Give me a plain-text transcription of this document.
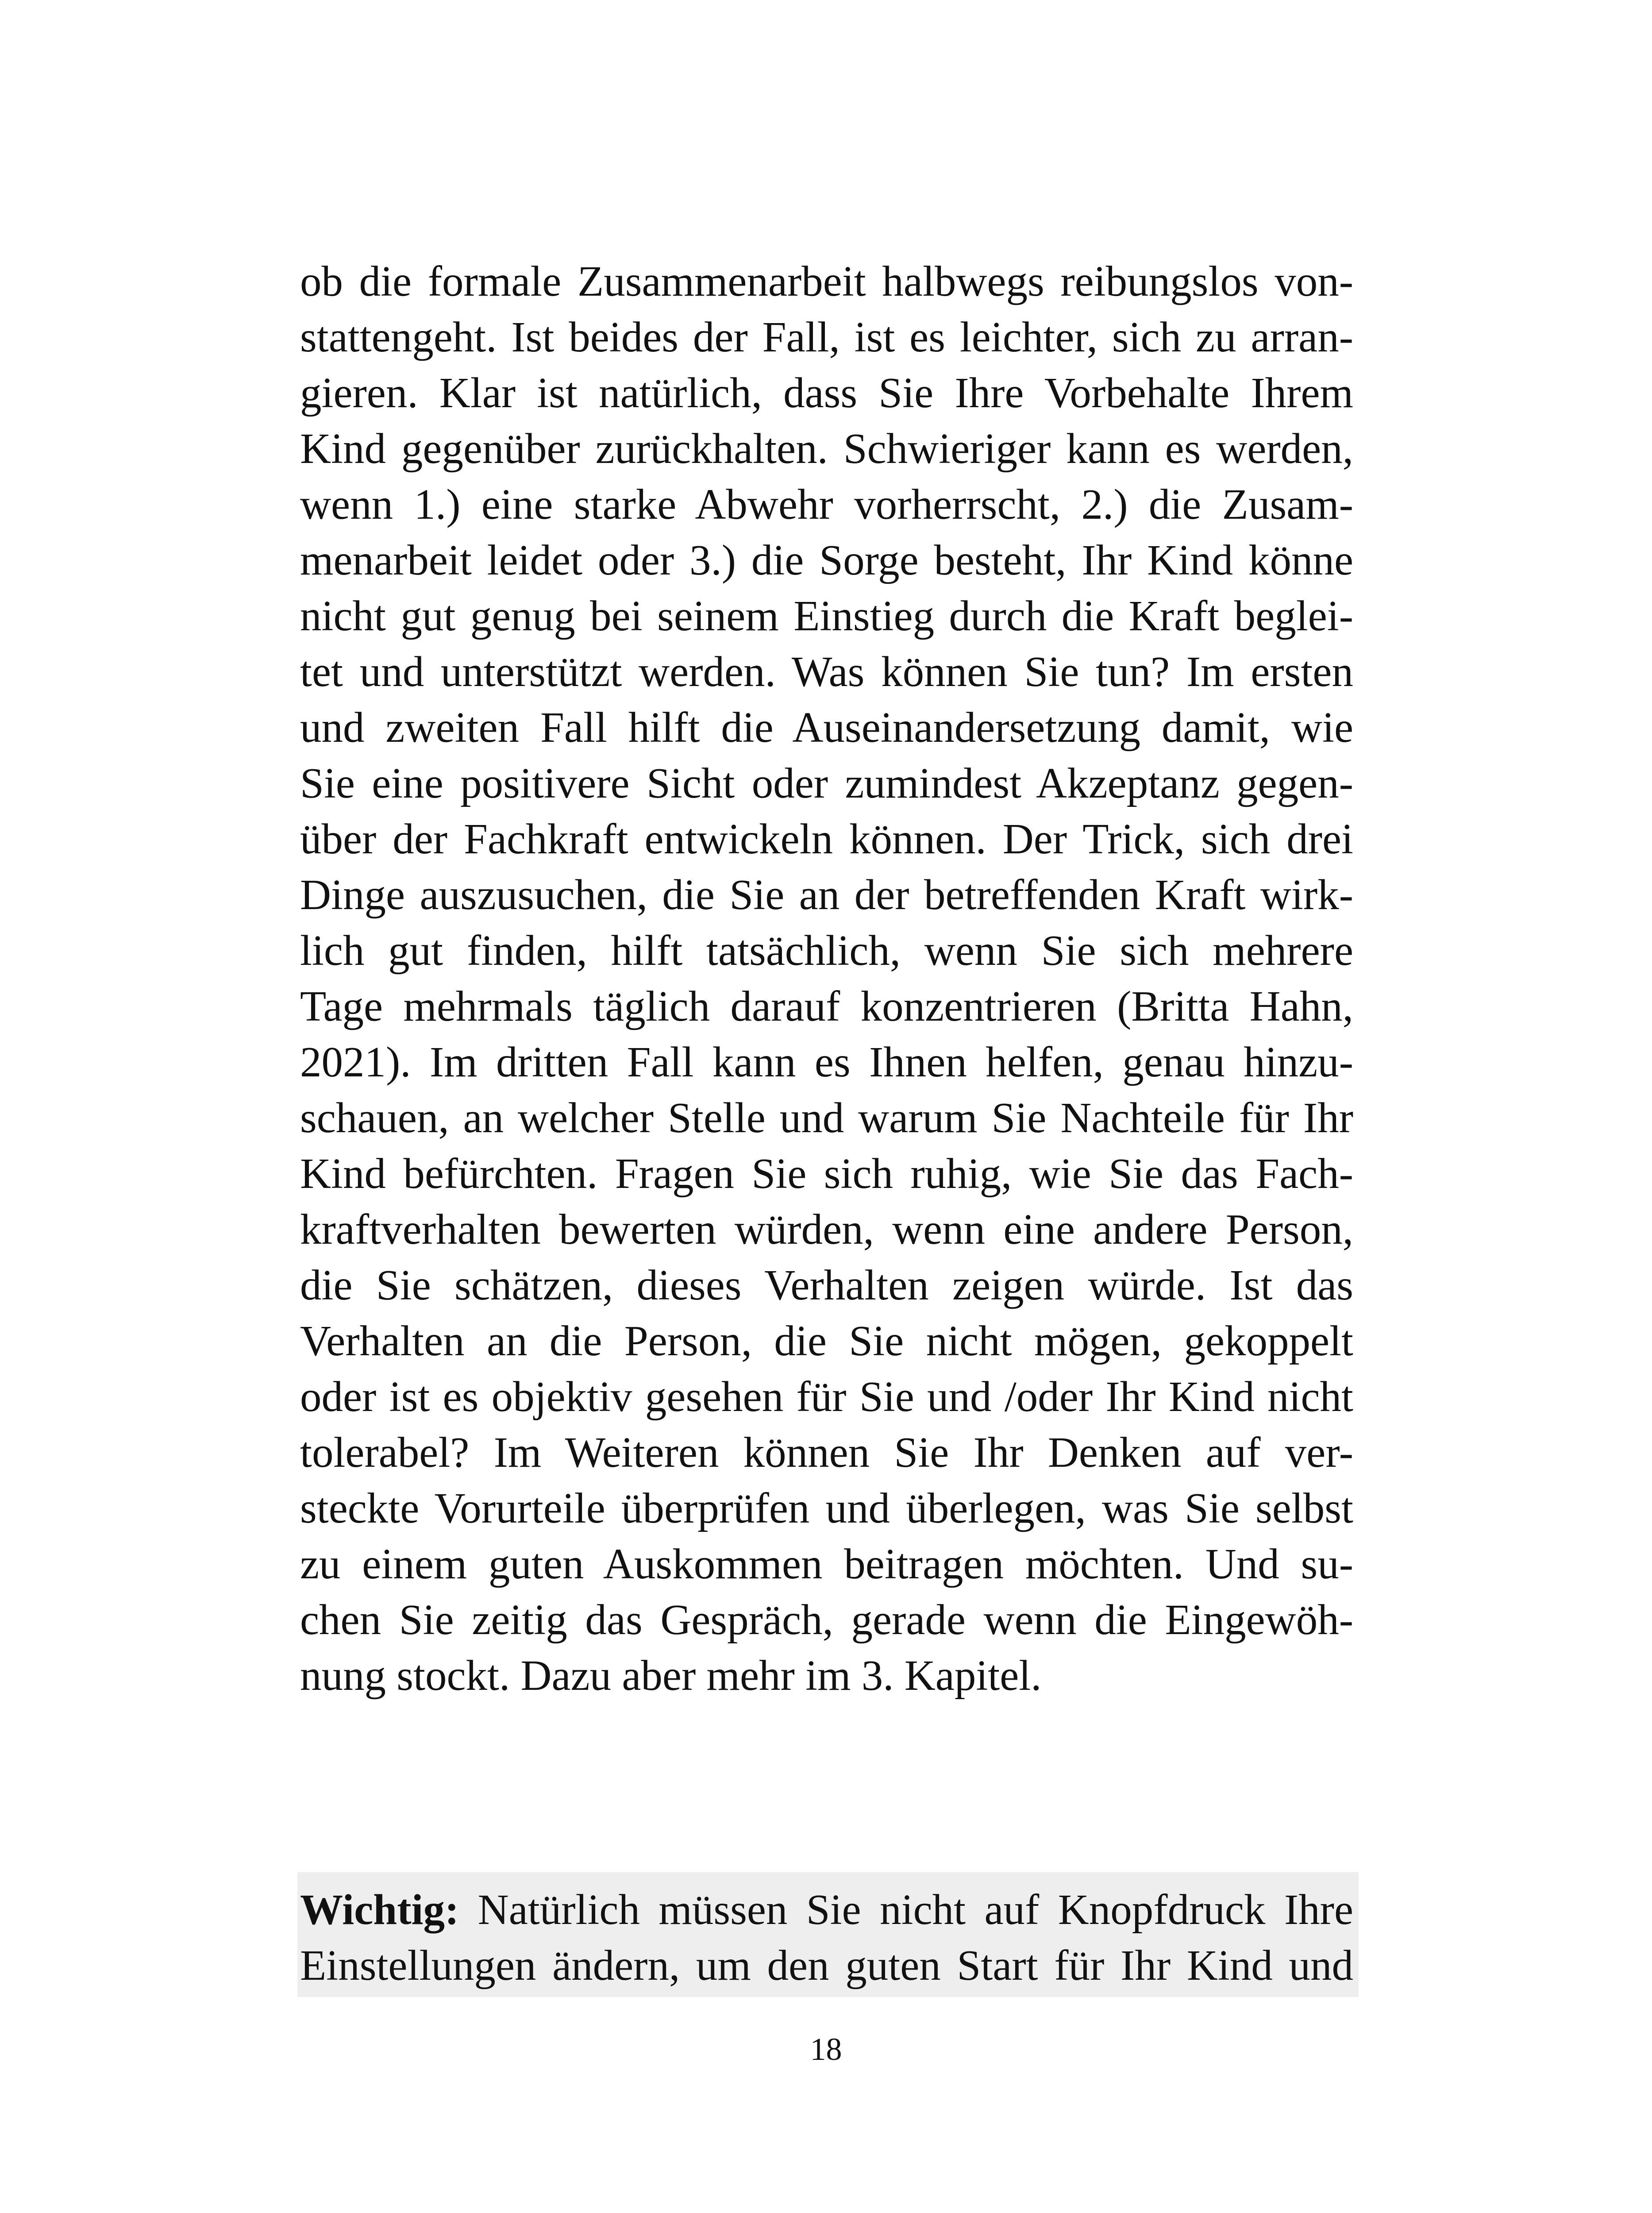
ob die formale Zusammenarbeit halbwegs reibungslos von-
stattengeht. Ist beides der Fall, ist es leichter, sich zu arran-
gieren. Klar ist natürlich, dass Sie Ihre Vorbehalte Ihrem
Kind gegenüber zurückhalten. Schwieriger kann es werden,
wenn 1.) eine starke Abwehr vorherrscht, 2.) die Zusam-
menarbeit leidet oder 3.) die Sorge besteht, Ihr Kind könne
nicht gut genug bei seinem Einstieg durch die Kraft beglei-
tet und unterstützt werden. Was können Sie tun? Im ersten
und zweiten Fall hilft die Auseinandersetzung damit, wie
Sie eine positivere Sicht oder zumindest Akzeptanz gegen-
über der Fachkraft entwickeln können. Der Trick, sich drei
Dinge auszusuchen, die Sie an der betreffenden Kraft wirk-
lich gut finden, hilft tatsächlich, wenn Sie sich mehrere
Tage mehrmals täglich darauf konzentrieren (Britta Hahn,
2021). Im dritten Fall kann es Ihnen helfen, genau hinzu-
schauen, an welcher Stelle und warum Sie Nachteile für Ihr
Kind befürchten. Fragen Sie sich ruhig, wie Sie das Fach-
kraftverhalten bewerten würden, wenn eine andere Person,
die Sie schätzen, dieses Verhalten zeigen würde. Ist das
Verhalten an die Person, die Sie nicht mögen, gekoppelt
oder ist es objektiv gesehen für Sie und /oder Ihr Kind nicht
tolerabel? Im Weiteren können Sie Ihr Denken auf ver-
steckte Vorurteile überprüfen und überlegen, was Sie selbst
zu einem guten Auskommen beitragen möchten. Und su-
chen Sie zeitig das Gespräch, gerade wenn die Eingewöh-
nung stockt. Dazu aber mehr im 3. Kapitel.
Wichtig: Natürlich müssen Sie nicht auf Knopfdruck Ihre
Einstellungen ändern, um den guten Start für Ihr Kind und
18
